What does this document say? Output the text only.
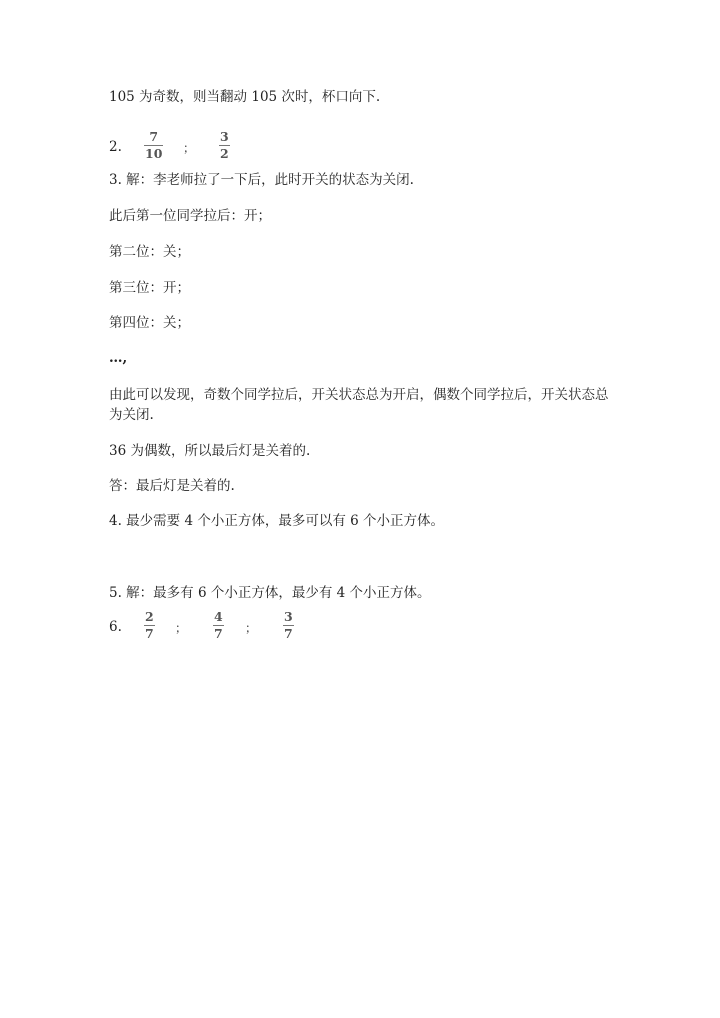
105 为奇数，则当翻动 105 次时，杯口向下.
2.
7
10 ；
3
2
3. 解：李老师拉了一下后，此时开关的状态为关闭.
此后第一位同学拉后：开；
第二位：关；
第三位：开；
第四位：关；
…,
由此可以发现，奇数个同学拉后，开关状态总为开启，偶数个同学拉后，开关状态总为关闭.
36 为偶数，所以最后灯是关着的.
答：最后灯是关着的.
4. 最少需要 4 个小正方体，最多可以有 6 个小正方体。
5. 解：最多有 6 个小正方体，最少有 4 个小正方体。
6.
2
7 ；
4
7 ；
3
7
